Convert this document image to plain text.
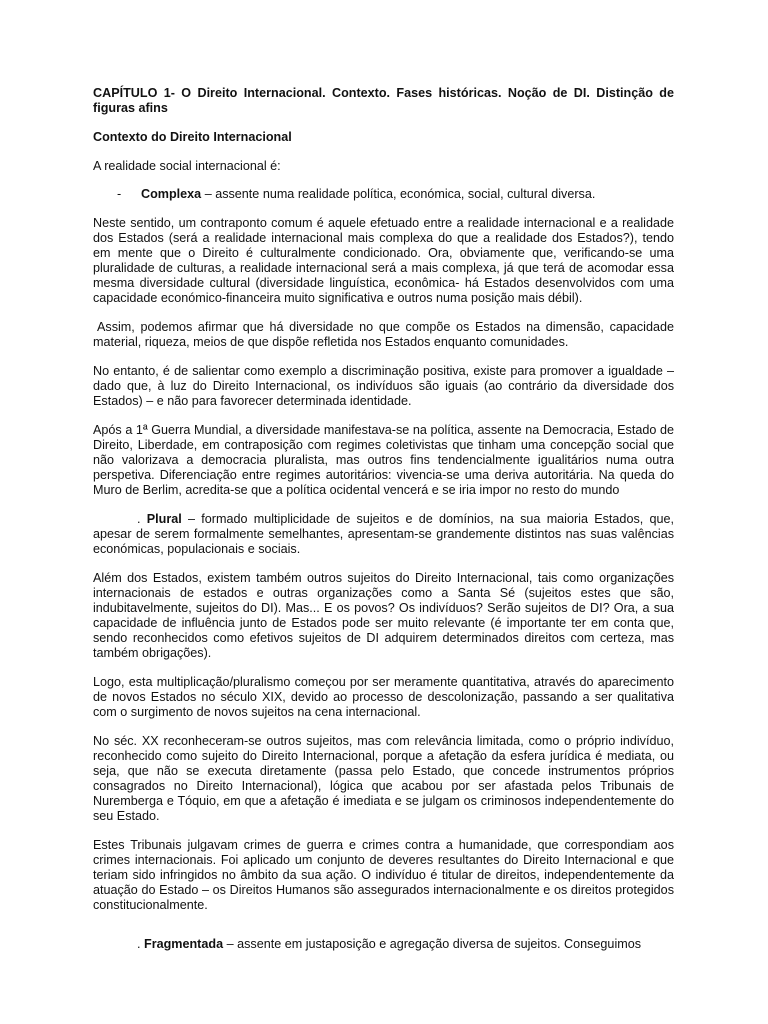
CAPÍTULO 1- O Direito Internacional. Contexto. Fases históricas. Noção de DI. Distinção de figuras afins
Contexto do Direito Internacional

A realidade social internacional é:

-	Complexa – assente numa realidade política, económica, social, cultural diversa.

Neste sentido, um contraponto comum é aquele efetuado entre a realidade internacional e a realidade dos Estados (será a realidade internacional mais complexa do que a realidade dos Estados?), tendo em mente que o Direito é culturalmente condicionado. Ora, obviamente que, verificando-se uma pluralidade de culturas, a realidade internacional será a mais complexa, já que terá de acomodar essa mesma diversidade cultural (diversidade linguística, econômica- há Estados desenvolvidos com uma capacidade económico-financeira muito significativa e outros numa posição mais débil).

Assim, podemos afirmar que há diversidade no que compõe os Estados na dimensão, capacidade material, riqueza, meios de que dispõe refletida nos Estados enquanto comunidades.

No entanto, é de salientar como exemplo a discriminação positiva, existe para promover a igualdade – dado que, à luz do Direito Internacional, os indivíduos são iguais (ao contrário da diversidade dos Estados) – e não para favorecer determinada identidade.

Após a 1ª Guerra Mundial, a diversidade manifestava-se na política, assente na Democracia, Estado de Direito, Liberdade, em contraposição com regimes coletivistas que tinham uma concepção social que não valorizava a democracia pluralista, mas outros fins tendencialmente igualitários numa outra perspetiva. Diferenciação entre regimes autoritários: vivencia-se uma deriva autoritária. Na queda do Muro de Berlim, acredita-se que a política ocidental vencerá e se iria impor no resto do mundo

. Plural – formado multiplicidade de sujeitos e de domínios, na sua maioria Estados, que, apesar de serem formalmente semelhantes, apresentam-se grandemente distintos nas suas valências económicas, populacionais e sociais.

Além dos Estados, existem também outros sujeitos do Direito Internacional, tais como organizações internacionais de estados e outras organizações como a Santa Sé (sujeitos estes que são, indubitavelmente, sujeitos do DI). Mas... E os povos? Os indivíduos? Serão sujeitos de DI? Ora, a sua capacidade de influência junto de Estados pode ser muito relevante (é importante ter em conta que, sendo reconhecidos como efetivos sujeitos de DI adquirem determinados direitos com certeza, mas também obrigações).

Logo, esta multiplicação/pluralismo começou por ser meramente quantitativa, através do aparecimento de novos Estados no século XIX, devido ao processo de descolonização, passando a ser qualitativa com o surgimento de novos sujeitos na cena internacional.

No séc. XX reconheceram-se outros sujeitos, mas com relevância limitada, como o próprio indivíduo, reconhecido como sujeito do Direito Internacional, porque a afetação da esfera jurídica é mediata, ou seja, que não se executa diretamente (passa pelo Estado, que concede instrumentos próprios consagrados no Direito Internacional), lógica que acabou por ser afastada pelos Tribunais de Nuremberga e Tóquio, em que a afetação é imediata e se julgam os criminosos independentemente do seu Estado.

Estes Tribunais julgavam crimes de guerra e crimes contra a humanidade, que correspondiam aos crimes internacionais. Foi aplicado um conjunto de deveres resultantes do Direito Internacional e que teriam sido infringidos no âmbito da sua ação. O indivíduo é titular de direitos, independentemente da atuação do Estado – os Direitos Humanos são assegurados internacionalmente e os direitos protegidos constitucionalmente.

. Fragmentada – assente em justaposição e agregação diversa de sujeitos. Conseguimos
